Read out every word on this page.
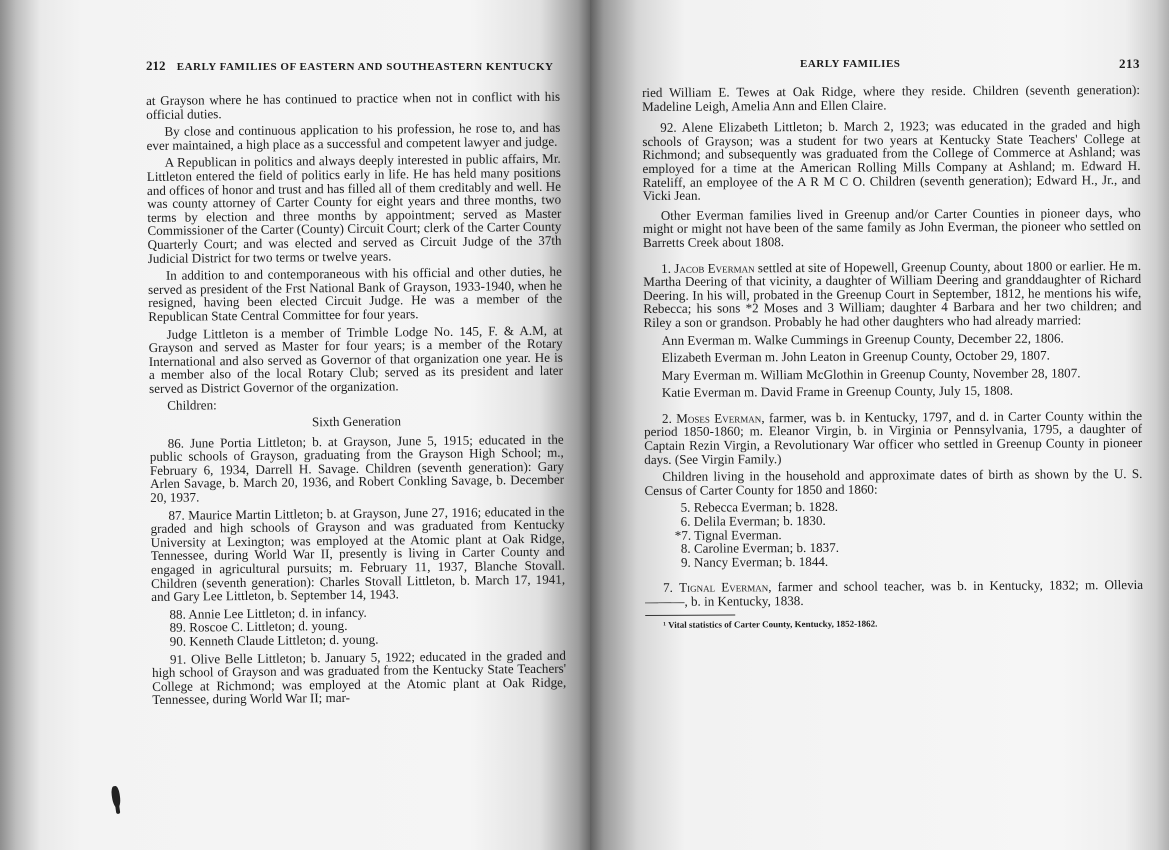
212 EARLY FAMILIES OF EASTERN AND SOUTHEASTERN KENTUCKY

at Grayson where he has continued to practice when not in conflict with his official duties.

By close and continuous application to his profession, he rose to, and has ever maintained, a high place as a successful and competent lawyer and judge.

A Republican in politics and always deeply interested in public affairs, Mr. Littleton entered the field of politics early in life. He has held many positions and offices of honor and trust and has filled all of them creditably and well. He was county attorney of Carter County for eight years and three months, two terms by election and three months by appointment; served as Master Commissioner of the Carter (County) Circuit Court; clerk of the Carter County Quarterly Court; and was elected and served as Circuit Judge of the 37th Judicial District for two terms or twelve years.

In addition to and contemporaneous with his official and other duties, he served as president of the Frst National Bank of Grayson, 1933-1940, when he resigned, having been elected Circuit Judge. He was a member of the Republican State Central Committee for four years.

Judge Littleton is a member of Trimble Lodge No. 145, F. & A.M, at Grayson and served as Master for four years; is a member of the Rotary International and also served as Governor of that organization one year. He is a member also of the local Rotary Club; served as its president and later served as District Governor of the organization.

Children:

Sixth Generation

86. June Portia Littleton; b. at Grayson, June 5, 1915; educated in the public schools of Grayson, graduating from the Grayson High School; m., February 6, 1934, Darrell H. Savage. Children (seventh generation): Gary Arlen Savage, b. March 20, 1936, and Robert Conkling Savage, b. December 20, 1937.

87. Maurice Martin Littleton; b. at Grayson, June 27, 1916; educated in the graded and high schools of Grayson and was graduated from Kentucky University at Lexington; was employed at the Atomic plant at Oak Ridge, Tennessee, during World War II, presently is living in Carter County and engaged in agricultural pursuits; m. February 11, 1937, Blanche Stovall. Children (seventh generation): Charles Stovall Littleton, b. March 17, 1941, and Gary Lee Littleton, b. September 14, 1943.

88. Annie Lee Littleton; d. in infancy.

89. Roscoe C. Littleton; d. young.

90. Kenneth Claude Littleton; d. young.

91. Olive Belle Littleton; b. January 5, 1922; educated in the graded and high school of Grayson and was graduated from the Kentucky State Teachers' College at Richmond; was employed at the Atomic plant at Oak Ridge, Tennessee, during World War II; mar-

EARLY FAMILIES	213

ried William E. Tewes at Oak Ridge, where they reside. Children (seventh generation): Madeline Leigh, Amelia Ann and Ellen Claire.

92. Alene Elizabeth Littleton; b. March 2, 1923; was educated in the graded and high schools of Grayson; was a student for two years at Kentucky State Teachers' College at Richmond; and subsequently was graduated from the College of Commerce at Ashland; was employed for a time at the American Rolling Mills Company at Ashland; m. Edward H. Rateliff, an employee of the A R M C O. Children (seventh generation); Edward H., Jr., and Vicki Jean.

Other Everman families lived in Greenup and/or Carter Counties in pioneer days, who might or might not have been of the same family as John Everman, the pioneer who settled on Barretts Creek about 1808.

1. Jacob Everman settled at site of Hopewell, Greenup County, about 1800 or earlier. He m. Martha Deering of that vicinity, a daughter of William Deering and granddaughter of Richard Deering. In his will, probated in the Greenup Court in September, 1812, he mentions his wife, Rebecca; his sons *2 Moses and 3 William; daughter 4 Barbara and her two children; and Riley a son or grandson. Probably he had other daughters who had already married:

Ann Everman m. Walke Cummings in Greenup County, December 22, 1806.

Elizabeth Everman m. John Leaton in Greenup County, October 29, 1807.

Mary Everman m. William McGlothin in Greenup County, November 28, 1807.

Katie Everman m. David Frame in Greenup County, July 15, 1808.

2. Moses Everman, farmer, was b. in Kentucky, 1797, and d. in Carter County within the period 1850-1860; m. Eleanor Virgin, b. in Virginia or Pennsylvania, 1795, a daughter of Captain Rezin Virgin, a Revolutionary War officer who settled in Greenup County in pioneer days. (See Virgin Family.)

Children living in the household and approximate dates of birth as shown by the U. S. Census of Carter County for 1850 and 1860:

5. Rebecca Everman; b. 1828.

6. Delila Everman; b. 1830.

*7. Tignal Everman.

8. Caroline Everman; b. 1837.

9. Nancy Everman; b. 1844.

7. Tignal Everman, farmer and school teacher, was b. in Kentucky, 1832; m. Ollevia ———, b. in Kentucky, 1838.

¹ Vital statistics of Carter County, Kentucky, 1852-1862.
